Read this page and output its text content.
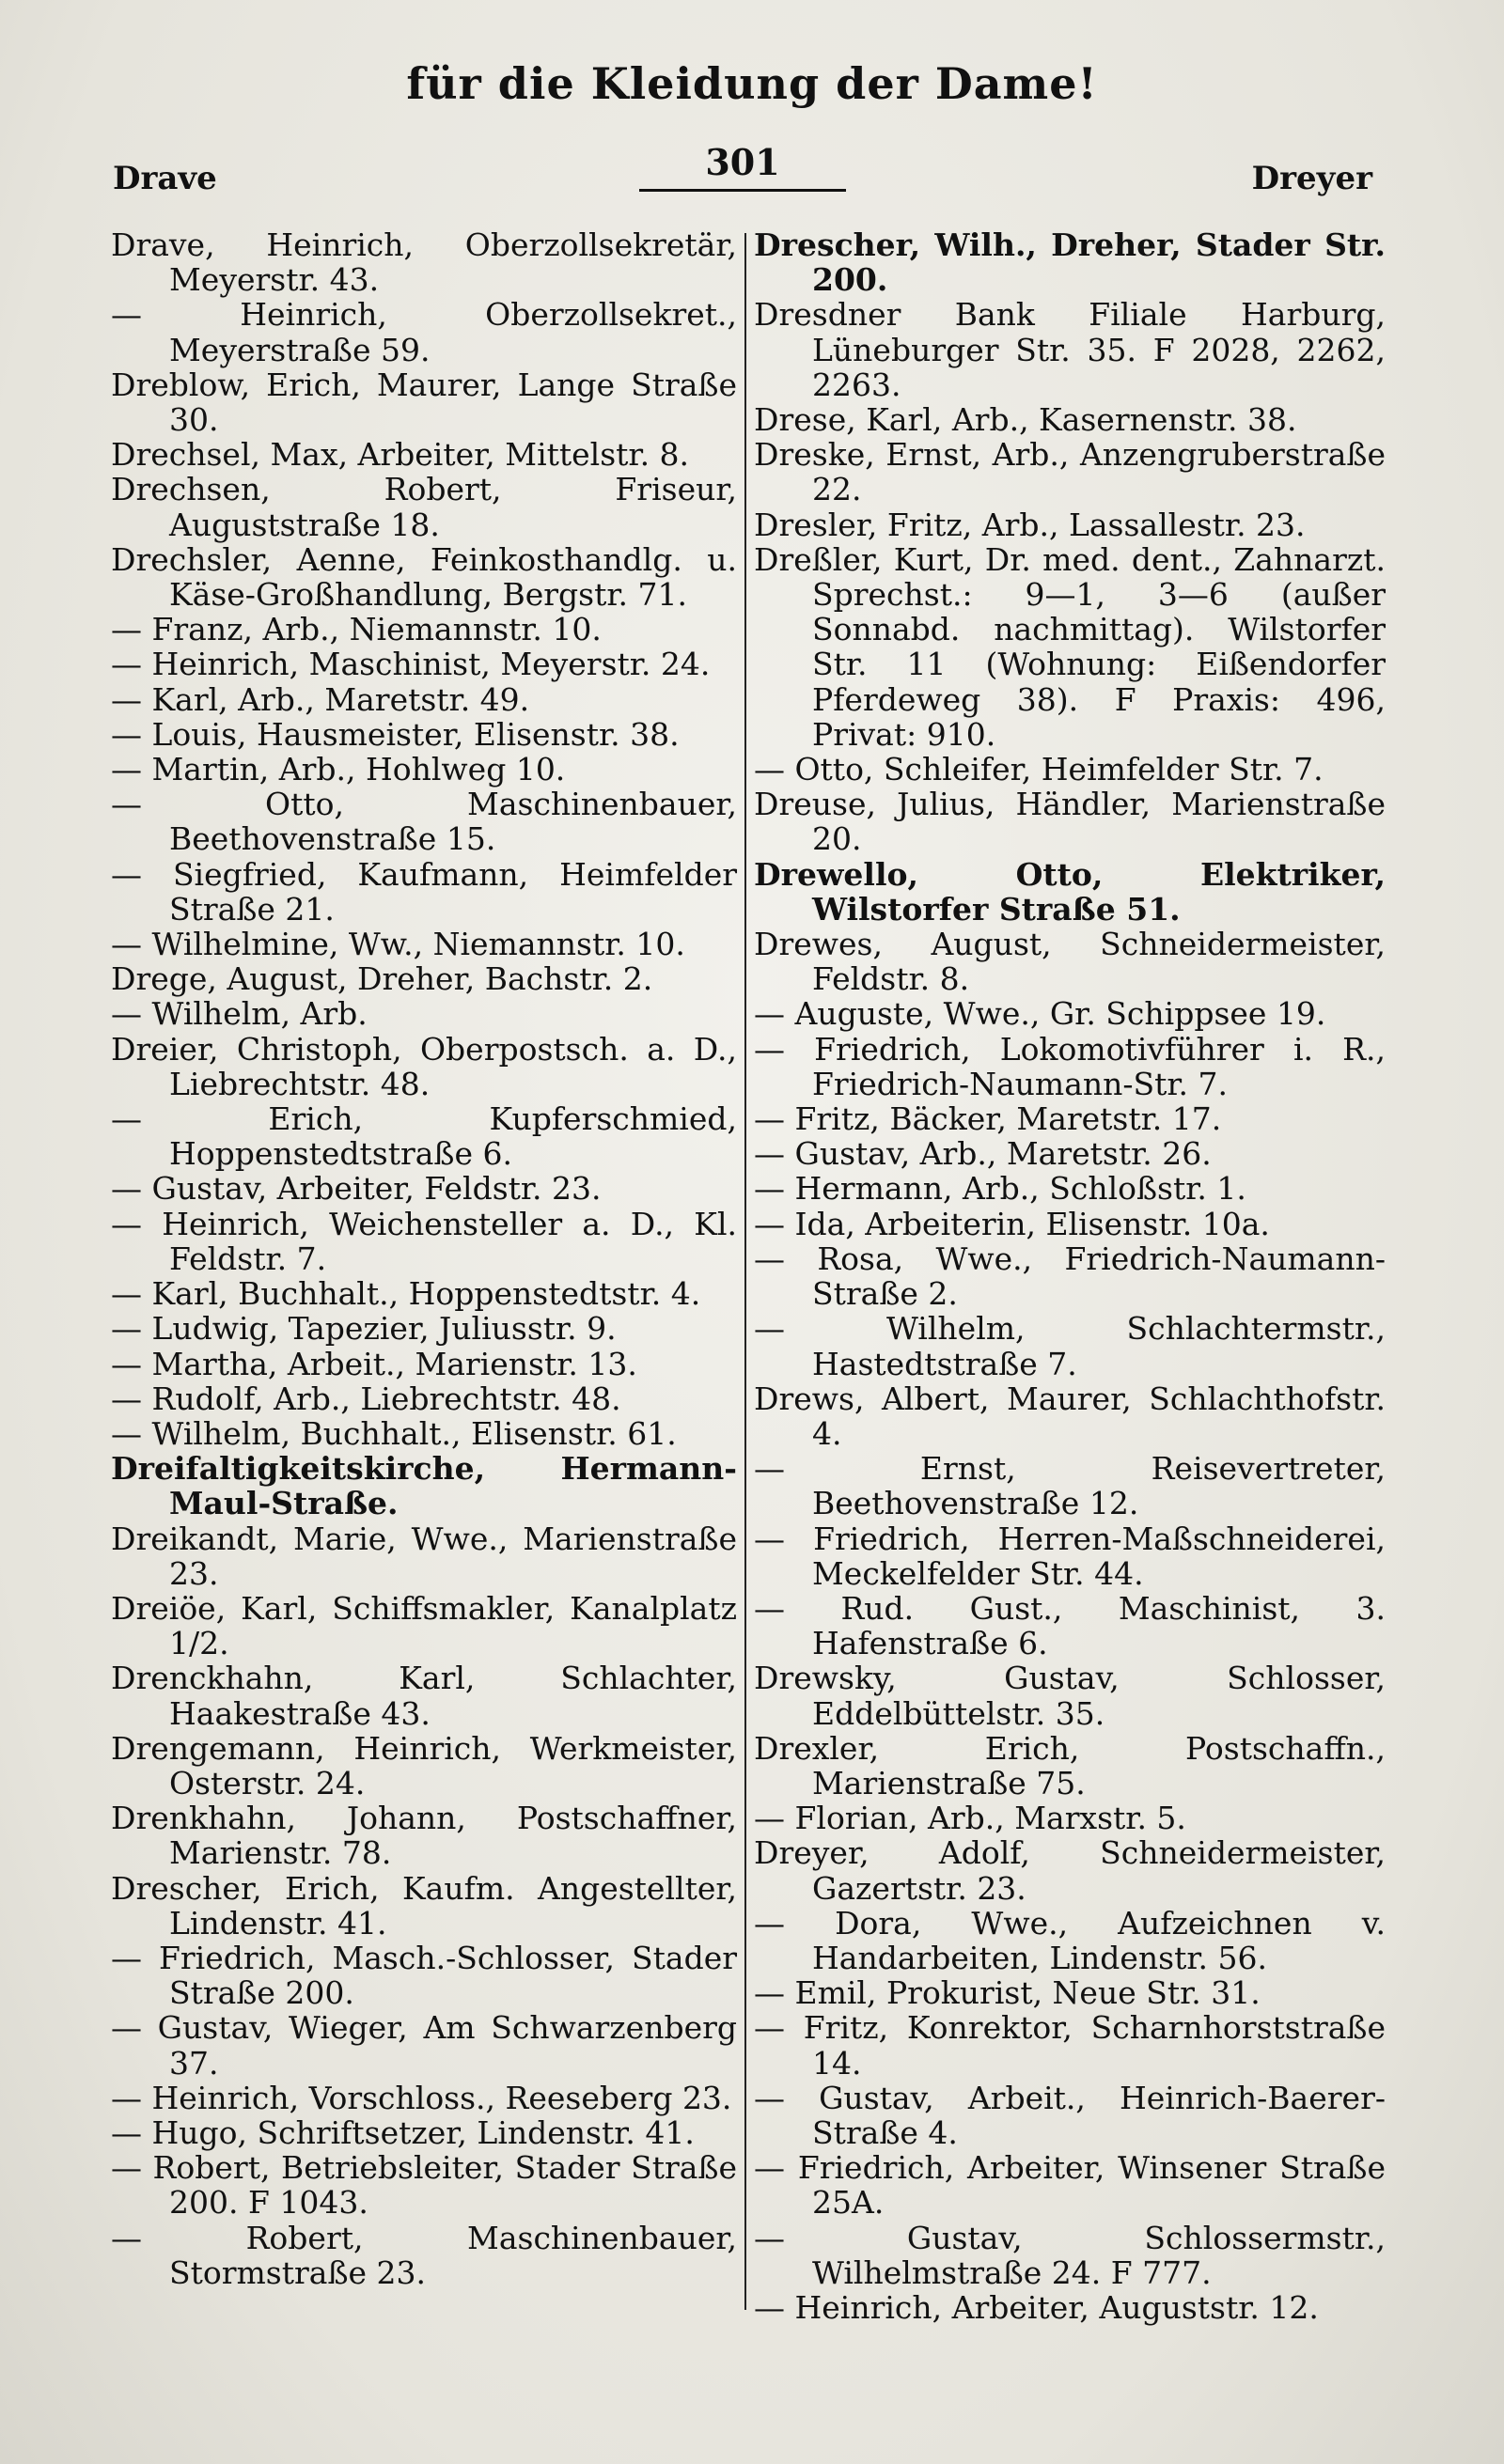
für die Kleidung der Dame!
Drave	301	Dreyer
Drave, Heinrich, Oberzollsekretär, Meyerstr. 43.
— Heinrich, Oberzollsekret., Meyerstraße 59.
Dreblow, Erich, Maurer, Lange Straße 30.
Drechsel, Max, Arbeiter, Mittelstr. 8.
Drechsen, Robert, Friseur, Auguststraße 18.
Drechsler, Aenne, Feinkosthandlg. u. Käse-Großhandlung, Bergstr. 71.
— Franz, Arb., Niemannstr. 10.
— Heinrich, Maschinist, Meyerstr. 24.
— Karl, Arb., Maretstr. 49.
— Louis, Hausmeister, Elisenstr. 38.
— Martin, Arb., Hohlweg 10.
— Otto, Maschinenbauer, Beethovenstraße 15.
— Siegfried, Kaufmann, Heimfelder Straße 21.
— Wilhelmine, Ww., Niemannstr. 10.
Drege, August, Dreher, Bachstr. 2.
— Wilhelm, Arb.
Dreier, Christoph, Oberpostsch. a. D., Liebrechtstr. 48.
— Erich, Kupferschmied, Hoppenstedtstraße 6.
— Gustav, Arbeiter, Feldstr. 23.
— Heinrich, Weichensteller a. D., Kl. Feldstr. 7.
— Karl, Buchhalt., Hoppenstedtstr. 4.
— Ludwig, Tapezier, Juliusstr. 9.
— Martha, Arbeit., Marienstr. 13.
— Rudolf, Arb., Liebrechtstr. 48.
— Wilhelm, Buchhalt., Elisenstr. 61.
Dreifaltigkeitskirche, Hermann-Maul-Straße.
Dreikandt, Marie, Wwe., Marienstraße 23.
Dreiöe, Karl, Schiffsmakler, Kanalplatz 1/2.
Drenckhahn, Karl, Schlachter, Haakestraße 43.
Drengemann, Heinrich, Werkmeister, Osterstr. 24.
Drenkhahn, Johann, Postschaffner, Marienstr. 78.
Drescher, Erich, Kaufm. Angestellter, Lindenstr. 41.
— Friedrich, Masch.-Schlosser, Stader Straße 200.
— Gustav, Wieger, Am Schwarzenberg 37.
— Heinrich, Vorschloss., Reeseberg 23.
— Hugo, Schriftsetzer, Lindenstr. 41.
— Robert, Betriebsleiter, Stader Straße 200. F 1043.
— Robert, Maschinenbauer, Stormstraße 23.
Drescher, Wilh., Dreher, Stader Str. 200.
Dresdner Bank Filiale Harburg, Lüneburger Str. 35. F 2028, 2262, 2263.
Drese, Karl, Arb., Kasernenstr. 38.
Dreske, Ernst, Arb., Anzengruberstraße 22.
Dresler, Fritz, Arb., Lassallestr. 23.
Dreßler, Kurt, Dr. med. dent., Zahnarzt. Sprechst.: 9—1, 3—6 (außer Sonnabd. nachmittag). Wilstorfer Str. 11 (Wohnung: Eißendorfer Pferdeweg 38). F Praxis: 496, Privat: 910.
— Otto, Schleifer, Heimfelder Str. 7.
Dreuse, Julius, Händler, Marienstraße 20.
Drewello, Otto, Elektriker, Wilstorfer Straße 51.
Drewes, August, Schneidermeister, Feldstr. 8.
— Auguste, Wwe., Gr. Schippsee 19.
— Friedrich, Lokomotivführer i. R., Friedrich-Naumann-Str. 7.
— Fritz, Bäcker, Maretstr. 17.
— Gustav, Arb., Maretstr. 26.
— Hermann, Arb., Schloßstr. 1.
— Ida, Arbeiterin, Elisenstr. 10a.
— Rosa, Wwe., Friedrich-Naumann-Straße 2.
— Wilhelm, Schlachtermstr., Hastedtstraße 7.
Drews, Albert, Maurer, Schlachthofstr. 4.
— Ernst, Reisevertreter, Beethovenstraße 12.
— Friedrich, Herren-Maßschneiderei, Meckelfelder Str. 44.
— Rud. Gust., Maschinist, 3. Hafenstraße 6.
Drewsky, Gustav, Schlosser, Eddelbüttelstr. 35.
Drexler, Erich, Postschaffn., Marienstraße 75.
— Florian, Arb., Marxstr. 5.
Dreyer, Adolf, Schneidermeister, Gazertstr. 23.
— Dora, Wwe., Aufzeichnen v. Handarbeiten, Lindenstr. 56.
— Emil, Prokurist, Neue Str. 31.
— Fritz, Konrektor, Scharnhorststraße 14.
— Gustav, Arbeit., Heinrich-Baerer-Straße 4.
— Friedrich, Arbeiter, Winsener Straße 25A.
— Gustav, Schlossermstr., Wilhelmstraße 24. F 777.
— Heinrich, Arbeiter, Auguststr. 12.
